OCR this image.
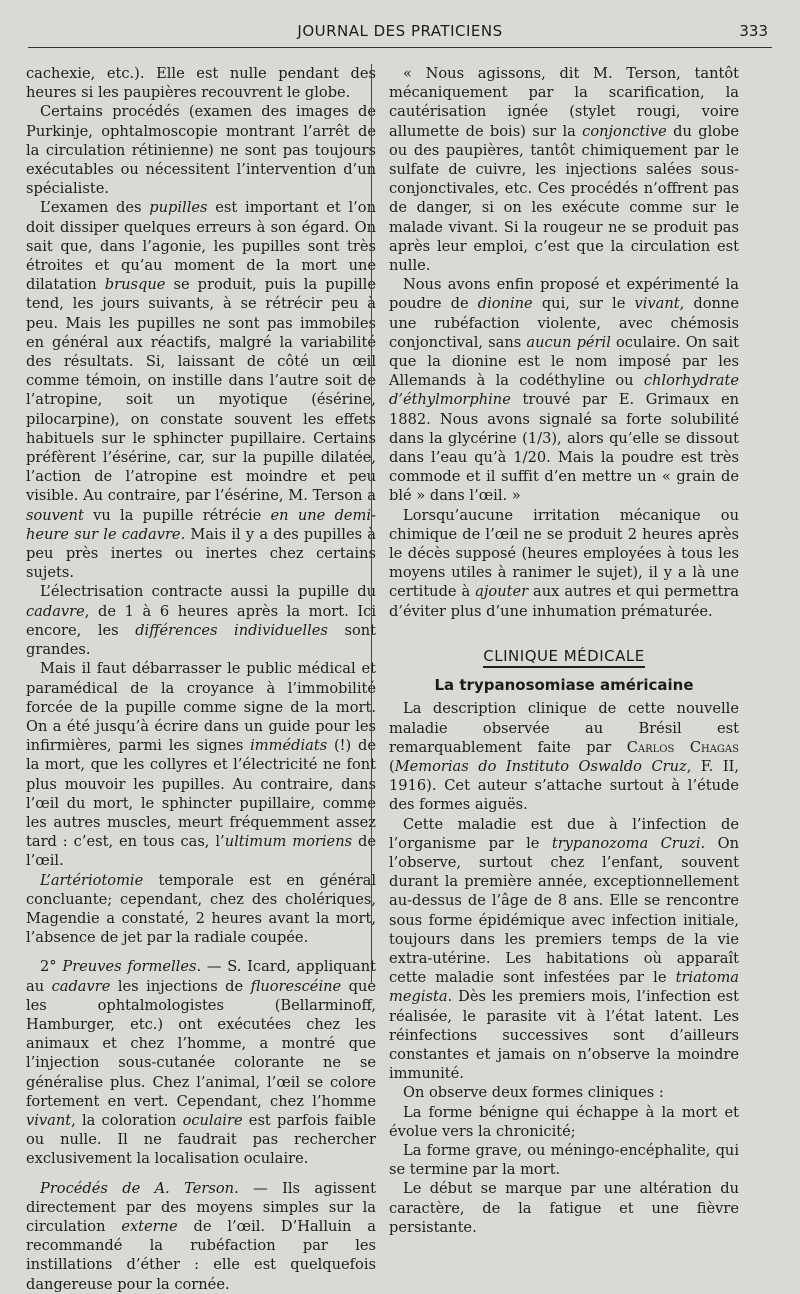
JOURNAL DES PRATICIENS	333

cachexie, etc.). Elle est nulle pendant des heures si les paupières recouvrent le globe.

Certains procédés (examen des images de Purkinje, ophtalmoscopie montrant l’arrêt de la circulation rétinienne) ne sont pas toujours exécutables ou nécessitent l’intervention d’un spécialiste.

L’examen des pupilles est important et l’on doit dissiper quelques erreurs à son égard. On sait que, dans l’agonie, les pupilles sont très étroites et qu’au moment de la mort une dilatation brusque se produit, puis la pupille tend, les jours suivants, à se rétrécir peu à peu. Mais les pupilles ne sont pas immobiles en général aux réactifs, malgré la variabilité des résultats. Si, laissant de côté un œil comme témoin, on instille dans l’autre soit de l’atropine, soit un myotique (ésérine, pilocarpine), on constate souvent les effets habituels sur le sphincter pupillaire. Certains préfèrent l’ésérine, car, sur la pupille dilatée, l’action de l’atropine est moindre et peu visible. Au contraire, par l’ésérine, M. Terson a souvent vu la pupille rétrécie en une demi-heure sur le cadavre. Mais il y a des pupilles à peu près inertes ou inertes chez certains sujets.

L’électrisation contracte aussi la pupille du cadavre, de 1 à 6 heures après la mort. Ici encore, les différences individuelles sont grandes.

Mais il faut débarrasser le public médical et paramédical de la croyance à l’immobilité forcée de la pupille comme signe de la mort. On a été jusqu’à écrire dans un guide pour les infirmières, parmi les signes immédiats (!) de la mort, que les collyres et l’électricité ne font plus mouvoir les pupilles. Au contraire, dans l’œil du mort, le sphincter pupillaire, comme les autres muscles, meurt fréquemment assez tard : c’est, en tous cas, l’ultimum moriens de l’œil.

L’artériotomie temporale est en général concluante; cependant, chez des cholériques, Magendie a constaté, 2 heures avant la mort, l’absence de jet par la radiale coupée.

2° Preuves formelles. — S. Icard, appliquant au cadavre les injections de fluorescéine que les ophtalmologistes (Bellarminoff, Hamburger, etc.) ont exécutées chez les animaux et chez l’homme, a montré que l’injection sous-cutanée colorante ne se généralise plus. Chez l’animal, l’œil se colore fortement en vert. Cependant, chez l’homme vivant, la coloration oculaire est parfois faible ou nulle. Il ne faudrait pas rechercher exclusivement la localisation oculaire.

Procédés de A. Terson. — Ils agissent directement par des moyens simples sur la circulation externe de l’œil. D’Halluin a recommandé la rubéfaction par les instillations d’éther : elle est quelquefois dangereuse pour la cornée.

« Nous agissons, dit M. Terson, tantôt mécaniquement par la scarification, la cautérisation ignée (stylet rougi, voire allumette de bois) sur la conjonctive du globe ou des paupières, tantôt chimiquement par le sulfate de cuivre, les injections salées sous-conjonctivales, etc. Ces procédés n’offrent pas de danger, si on les exécute comme sur le malade vivant. Si la rougeur ne se produit pas après leur emploi, c’est que la circulation est nulle.

Nous avons enfin proposé et expérimenté la poudre de dionine qui, sur le vivant, donne une rubéfaction violente, avec chémosis conjonctival, sans aucun péril oculaire. On sait que la dionine est le nom imposé par les Allemands à la codéthyline ou chlorhydrate d’éthylmorphine trouvé par E. Grimaux en 1882. Nous avons signalé sa forte solubilité dans la glycérine (1/3), alors qu’elle se dissout dans l’eau qu’à 1/20. Mais la poudre est très commode et il suffit d’en mettre un « grain de blé » dans l’œil. »

Lorsqu’aucune irritation mécanique ou chimique de l’œil ne se produit 2 heures après le décès supposé (heures employées à tous les moyens utiles à ranimer le sujet), il y a là une certitude à ajouter aux autres et qui permettra d’éviter plus d’une inhumation prématurée.

CLINIQUE MÉDICALE
La trypanosomiase américaine

La description clinique de cette nouvelle maladie observée au Brésil est remarquablement faite par Carlos Chagas (Memorias do Instituto Oswaldo Cruz, F. II, 1916). Cet auteur s’attache surtout à l’étude des formes aiguës.

Cette maladie est due à l’infection de l’organisme par le trypanozoma Cruzi. On l’observe, surtout chez l’enfant, souvent durant la première année, exceptionnellement au-dessus de l’âge de 8 ans. Elle se rencontre sous forme épidémique avec infection initiale, toujours dans les premiers temps de la vie extra-utérine. Les habitations où apparaît cette maladie sont infestées par le triatoma megista. Dès les premiers mois, l’infection est réalisée, le parasite vit à l’état latent. Les réinfections successives sont d’ailleurs constantes et jamais on n’observe la moindre immunité.

On observe deux formes cliniques :

La forme bénigne qui échappe à la mort et évolue vers la chronicité;

La forme grave, ou méningo-encéphalite, qui se termine par la mort.

Le début se marque par une altération du caractère, de la fatigue et une fièvre persistante.
